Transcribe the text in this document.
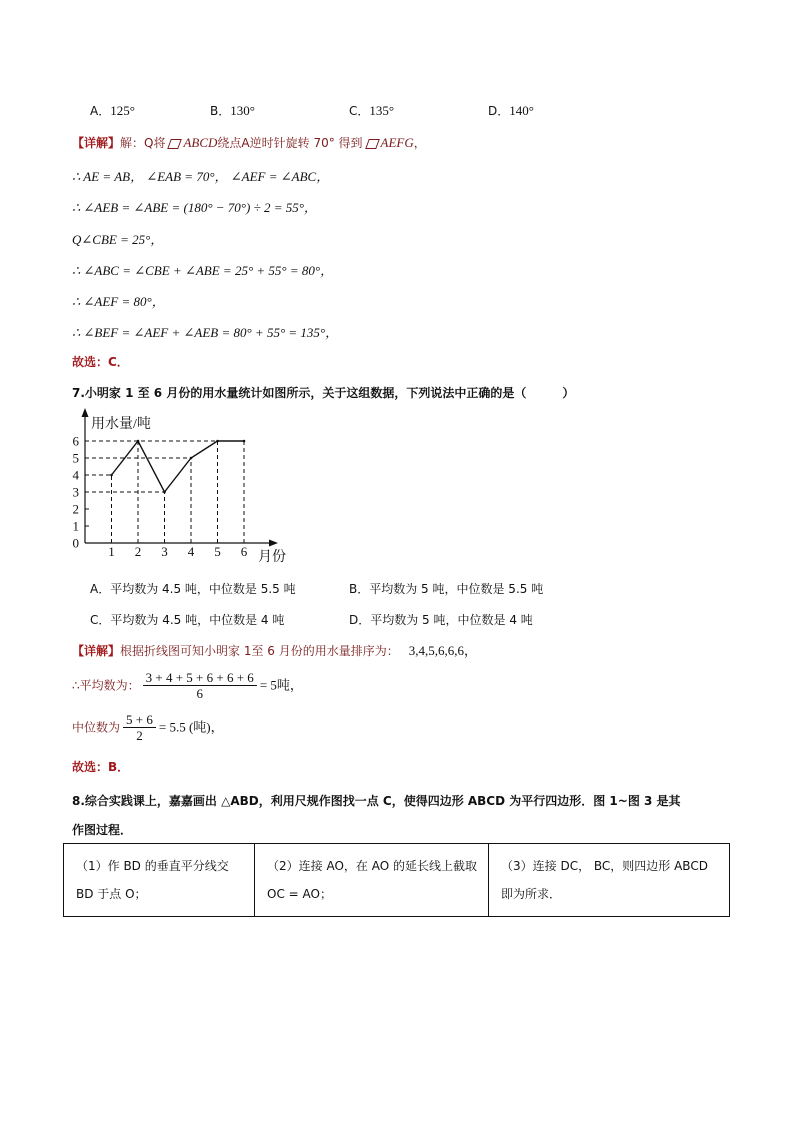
A．125°	B．130°	C．135°	D．140°
【详解】解：Q将 ABCD绕点A逆时针旋转 70° 得到 AEFG，
∴ AE = AB， ∠EAB = 70°， ∠AEF = ∠ABC，
∴ ∠AEB = ∠ABE = (180° − 70°) ÷ 2 = 55°，
Q∠CBE = 25°，
∴ ∠ABC = ∠CBE + ∠ABE = 25° + 55° = 80°，
∴ ∠AEF = 80°，
∴ ∠BEF = ∠AEF + ∠AEB = 80° + 55° = 135°，
故选：C．
7.小明家 1 至 6 月份的用水量统计如图所示，关于这组数据，下列说法中正确的是（　　　）
0
1
2
3
4
5
6
1 2 3 4 5 6
用水量/吨
月份
A．平均数为 4.5 吨，中位数是 5.5 吨	B．平均数为 5 吨，中位数是 5.5 吨
C．平均数为 4.5 吨，中位数是 4 吨	D．平均数为 5 吨，中位数是 4 吨
【详解】根据折线图可知小明家 1至 6 月份的用水量排序为： 3,4,5,6,6,6，
∴平均数为： $\frac{3 + 4 + 5 + 6 + 6 + 6}{6} = 5$吨，
中位数为 $\frac{5 + 6}{2} = 5.5$ (吨)，
故选：B．
8.综合实践课上，嘉嘉画出 △ABD，利用尺规作图找一点 C，使得四边形 ABCD 为平行四边形．图 1~图 3 是其
作图过程．
（1）作 BD 的垂直平分线交 BD 于点 O；	（2）连接 AO，在 AO 的延长线上截取 OC = AO；	（3）连接 DC， BC，则四边形 ABCD 即为所求．
